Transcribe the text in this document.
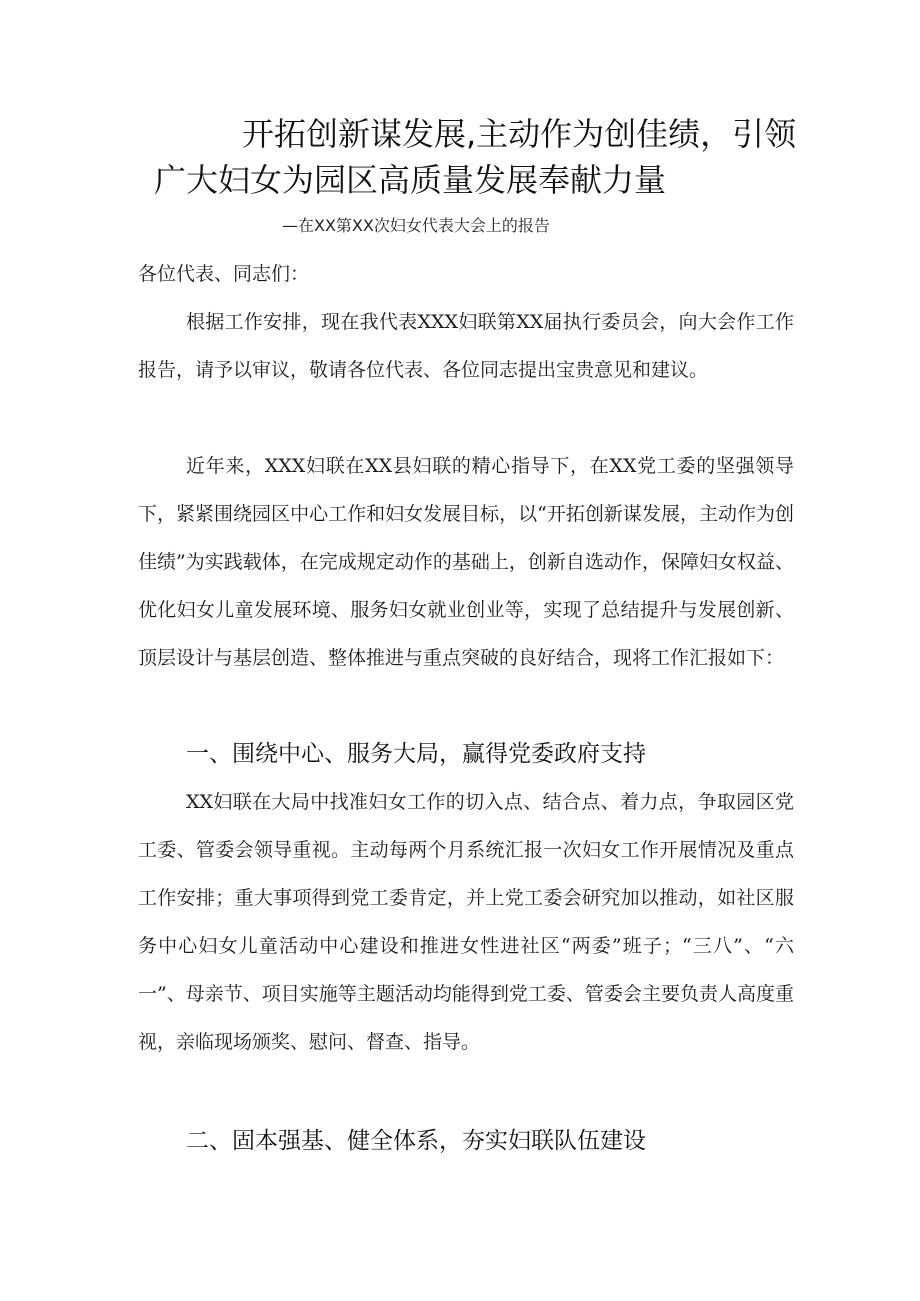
开拓创新谋发展,主动作为创佳绩，引领
广大妇女为园区高质量发展奉献力量
—在XX第XX次妇女代表大会上的报告

各位代表、同志们：

根据工作安排，现在我代表XXX妇联第XX届执行委员会，向大会作工作报告，请予以审议，敬请各位代表、各位同志提出宝贵意见和建议。

近年来，XXX妇联在XX县妇联的精心指导下，在XX党工委的坚强领导下，紧紧围绕园区中心工作和妇女发展目标，以“开拓创新谋发展，主动作为创佳绩”为实践载体，在完成规定动作的基础上，创新自选动作，保障妇女权益、优化妇女儿童发展环境、服务妇女就业创业等，实现了总结提升与发展创新、顶层设计与基层创造、整体推进与重点突破的良好结合，现将工作汇报如下：

一、围绕中心、服务大局，赢得党委政府支持

XX妇联在大局中找准妇女工作的切入点、结合点、着力点，争取园区党工委、管委会领导重视。主动每两个月系统汇报一次妇女工作开展情况及重点工作安排；重大事项得到党工委肯定，并上党工委会研究加以推动，如社区服务中心妇女儿童活动中心建设和推进女性进社区“两委”班子；“三八”、“六一”、母亲节、项目实施等主题活动均能得到党工委、管委会主要负责人高度重视，亲临现场颁奖、慰问、督查、指导。

二、固本强基、健全体系，夯实妇联队伍建设
